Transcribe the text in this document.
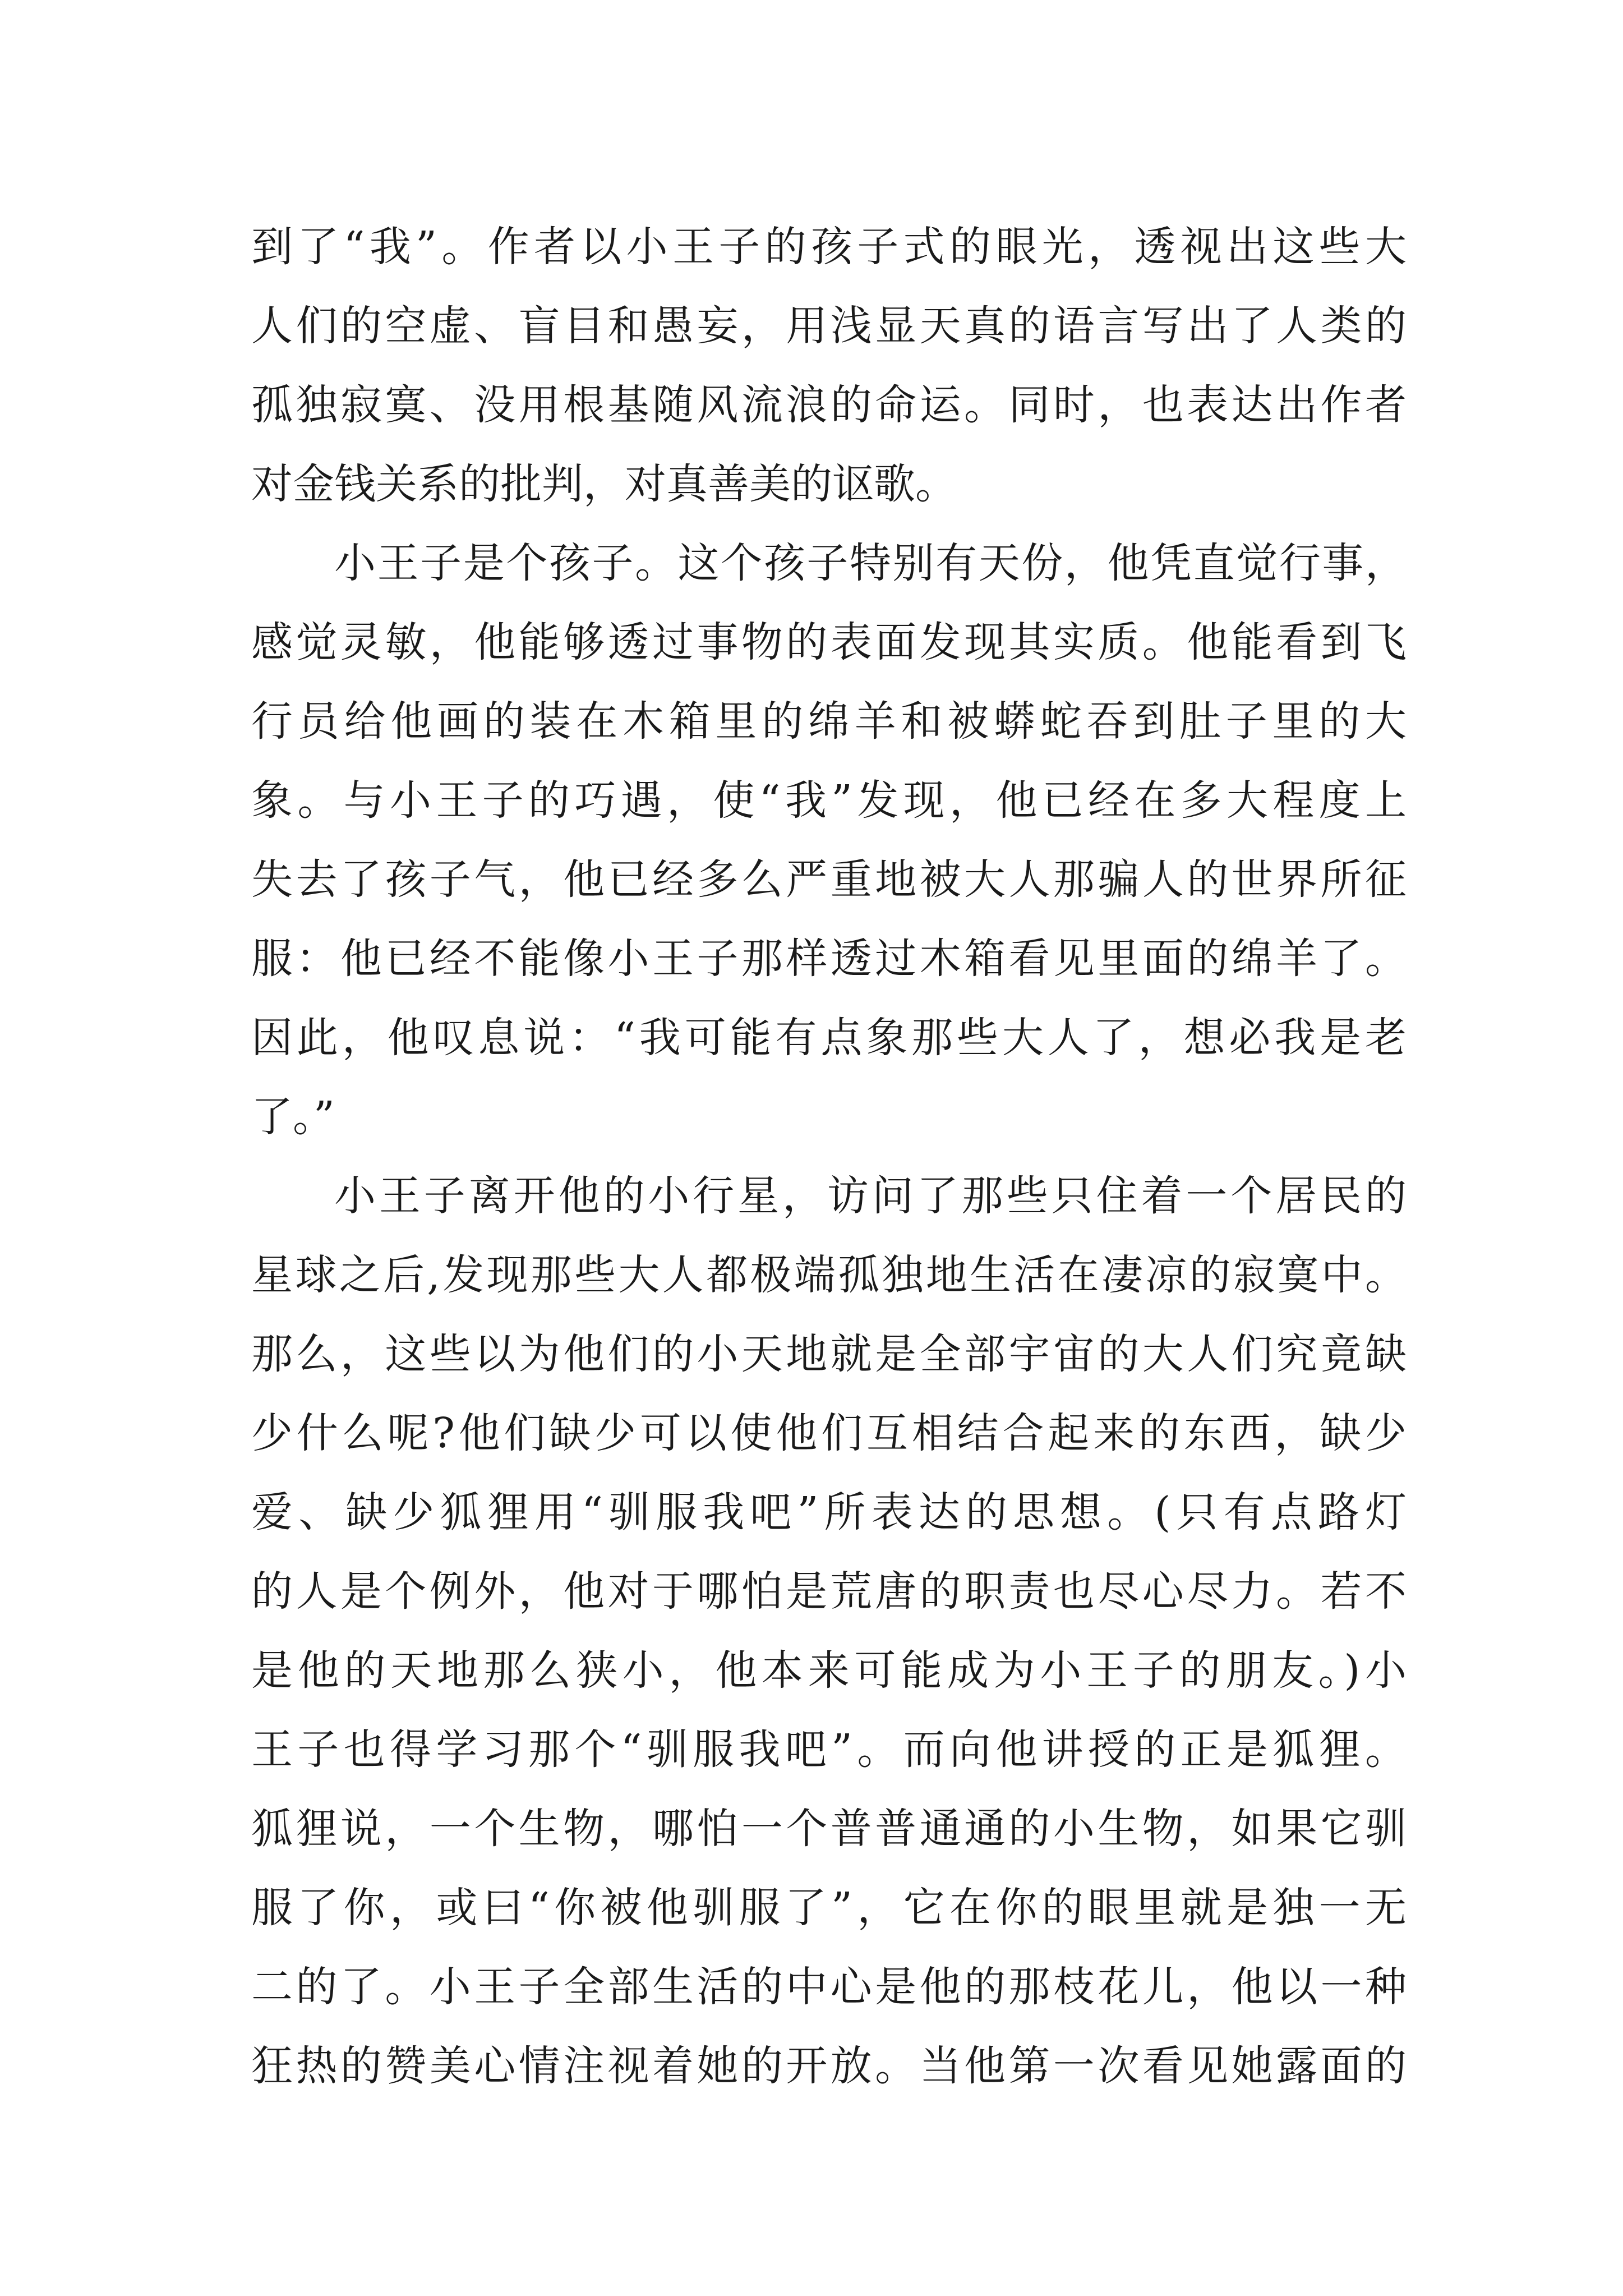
到了“我”。作者以小王子的孩子式的眼光，透视出这些大
人们的空虚、盲目和愚妄，用浅显天真的语言写出了人类的
孤独寂寞、没用根基随风流浪的命运。同时，也表达出作者
对金钱关系的批判，对真善美的讴歌。
小王子是个孩子。这个孩子特别有天份，他凭直觉行事，
感觉灵敏，他能够透过事物的表面发现其实质。他能看到飞
行员给他画的装在木箱里的绵羊和被蟒蛇吞到肚子里的大
象。与小王子的巧遇，使“我”发现，他已经在多大程度上
失去了孩子气，他已经多么严重地被大人那骗人的世界所征
服：他已经不能像小王子那样透过木箱看见里面的绵羊了。
因此，他叹息说：“我可能有点象那些大人了，想必我是老
了。”
小王子离开他的小行星，访问了那些只住着一个居民的
星球之后,发现那些大人都极端孤独地生活在凄凉的寂寞中。
那么，这些以为他们的小天地就是全部宇宙的大人们究竟缺
少什么呢?他们缺少可以使他们互相结合起来的东西，缺少
爱、缺少狐狸用“驯服我吧”所表达的思想。(只有点路灯
的人是个例外，他对于哪怕是荒唐的职责也尽心尽力。若不
是他的天地那么狭小，他本来可能成为小王子的朋友。)小
王子也得学习那个“驯服我吧”。而向他讲授的正是狐狸。
狐狸说，一个生物，哪怕一个普普通通的小生物，如果它驯
服了你，或曰“你被他驯服了”，它在你的眼里就是独一无
二的了。小王子全部生活的中心是他的那枝花儿，他以一种
狂热的赞美心情注视着她的开放。当他第一次看见她露面的
